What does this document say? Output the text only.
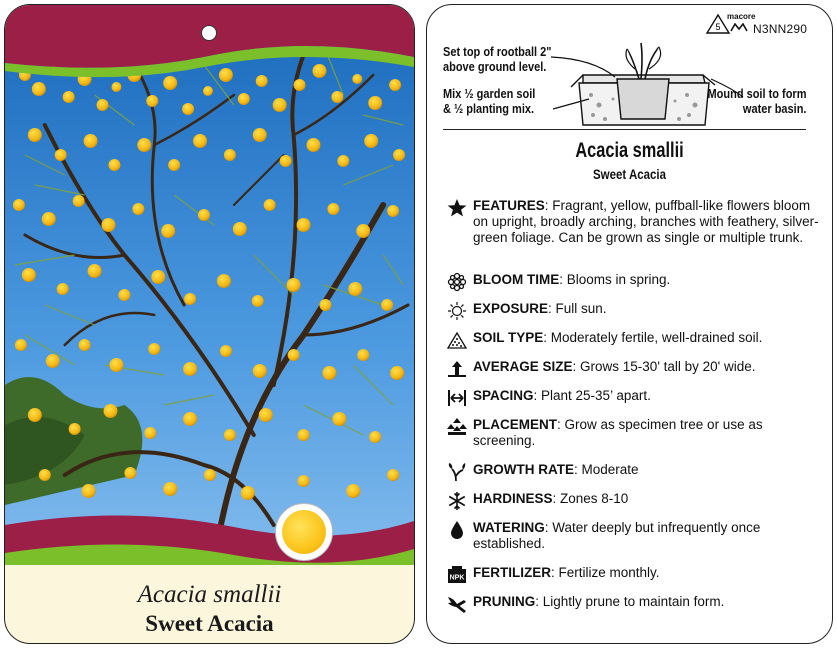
Acacia smallii
Sweet Acacia
5
macore
N3NN290
Set top of rootball 2"
above ground level.
Mix ½ garden soil
& ½ planting mix.
Mound soil to form
water basin.
Acacia smallii
Sweet Acacia
FEATURES: Fragrant, yellow, puffball-like flowers bloom on upright, broadly arching, branches with feathery, silver-green foliage. Can be grown as single or multiple trunk.
BLOOM TIME: Blooms in spring.
EXPOSURE: Full sun.
SOIL TYPE: Moderately fertile, well-drained soil.
AVERAGE SIZE: Grows 15-30' tall by 20' wide.
SPACING: Plant 25-35’ apart.
PLACEMENT: Grow as specimen tree or use as screening.
GROWTH RATE: Moderate
HARDINESS: Zones 8-10
WATERING: Water deeply but infrequently once established.
NPK FERTILIZER: Fertilize monthly.
PRUNING: Lightly prune to maintain form.
